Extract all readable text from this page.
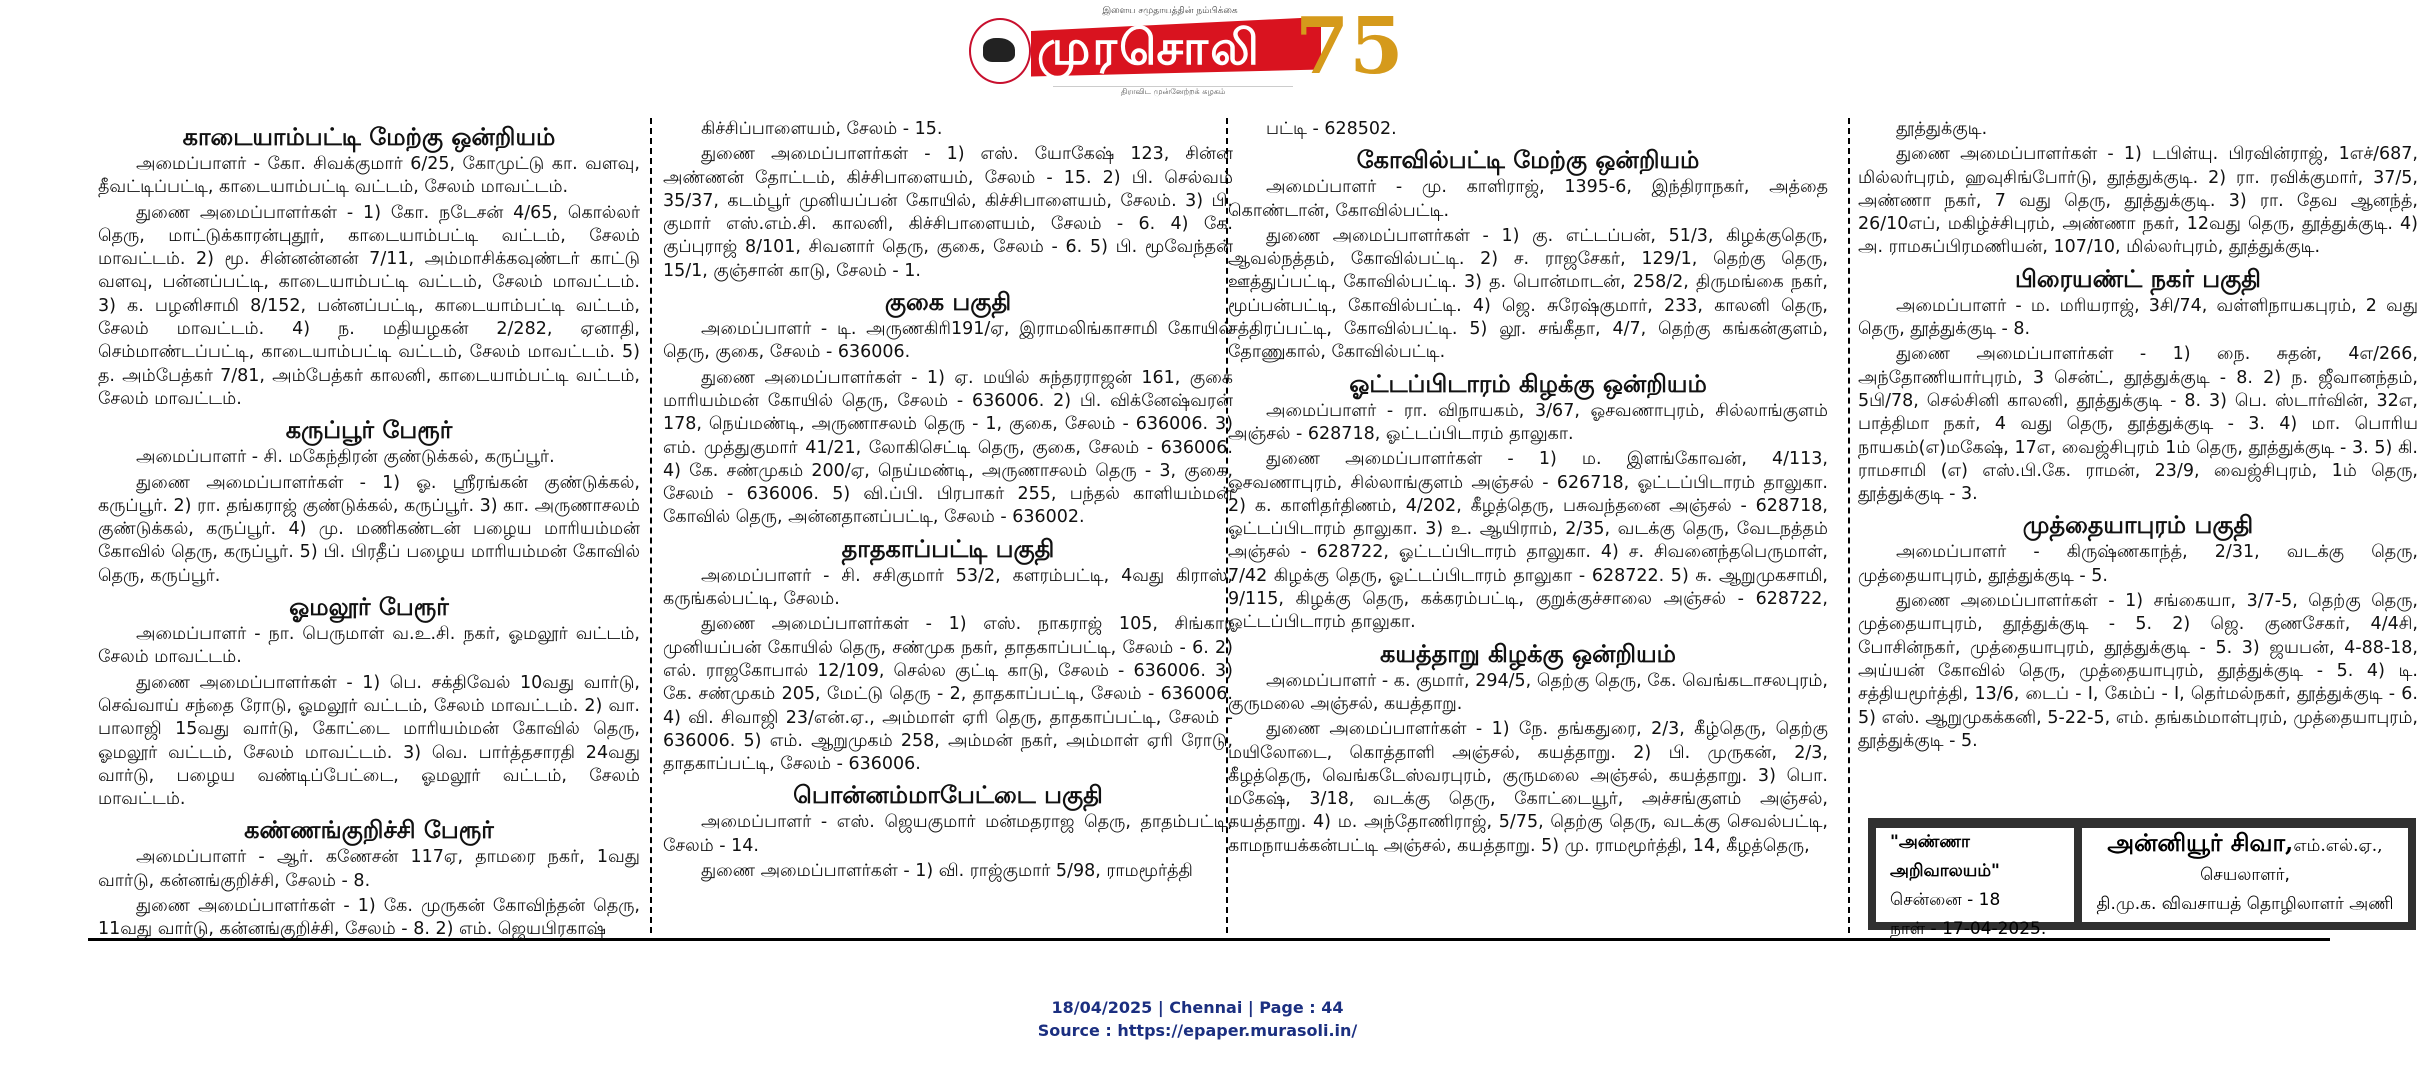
இளைய சமுதாயத்தின் நம்பிக்கை
முரசொலி 75
திராவிட முன்னேற்றக் கழகம்
காடையாம்பட்டி மேற்கு ஒன்றியம்

அமைப்பாளர் - கோ. சிவக்குமார் 6/25, கோமுட்டு கா. வளவு, தீவட்டிப்பட்டி, காடையாம்பட்டி வட்டம், சேலம் மாவட்டம்.

துணை அமைப்பாளர்கள் - 1) கோ. நடேசன் 4/65, கொல்லர் தெரு, மாட்டுக்காரன்புதூர், காடையாம்பட்டி வட்டம், சேலம் மாவட்டம். 2) மூ. சின்னன்னன் 7/11, அம்மாசிக்கவுண்டர் காட்டு வளவு, பன்னப்பட்டி, காடையாம்பட்டி வட்டம், சேலம் மாவட்டம். 3) க. பழனிசாமி 8/152, பன்னப்பட்டி, காடையாம்பட்டி வட்டம், சேலம் மாவட்டம். 4) ந. மதியழகன் 2/282, ஏனாதி, செம்மாண்டப்பட்டி, காடையாம்பட்டி வட்டம், சேலம் மாவட்டம். 5) த. அம்பேத்கர் 7/81, அம்பேத்கர் காலனி, காடையாம்பட்டி வட்டம், சேலம் மாவட்டம்.

கருப்பூர் பேரூர்

அமைப்பாளர் - சி. மகேந்திரன் குண்டுக்கல், கருப்பூர்.

துணை அமைப்பாளர்கள் - 1) ஓ. ஸ்ரீரங்கன் குண்டுக்கல், கருப்பூர். 2) ரா. தங்கராஜ் குண்டுக்கல், கருப்பூர். 3) கா. அருணாசலம் குண்டுக்கல், கருப்பூர். 4) மு. மணிகண்டன் பழைய மாரியம்மன் கோவில் தெரு, கருப்பூர். 5) பி. பிரதீப் பழைய மாரியம்மன் கோவில் தெரு, கருப்பூர்.

ஓமலூர் பேரூர்

அமைப்பாளர் - நா. பெருமாள் வ.உ.சி. நகர், ஓமலூர் வட்டம், சேலம் மாவட்டம்.

துணை அமைப்பாளர்கள் - 1) பெ. சக்திவேல் 10வது வார்டு, செவ்வாய் சந்தை ரோடு, ஓமலூர் வட்டம், சேலம் மாவட்டம். 2) வா. பாலாஜி 15வது வார்டு, கோட்டை மாரியம்மன் கோவில் தெரு, ஓமலூர் வட்டம், சேலம் மாவட்டம். 3) வெ. பார்த்தசாரதி 24வது வார்டு, பழைய வண்டிப்பேட்டை, ஓமலூர் வட்டம், சேலம் மாவட்டம்.

கண்ணங்குறிச்சி பேரூர்

அமைப்பாளர் - ஆர். கணேசன் 117ஏ, தாமரை நகர், 1வது வார்டு, கன்னங்குறிச்சி, சேலம் - 8.

துணை அமைப்பாளர்கள் - 1) கே. முருகன் கோவிந்தன் தெரு, 11வது வார்டு, கன்னங்குறிச்சி, சேலம் - 8. 2) எம். ஜெயபிரகாஷ்

கிச்சிப்பாளையம், சேலம் - 15.

துணை அமைப்பாளர்கள் - 1) எஸ். யோகேஷ் 123, சின்ன அண்ணன் தோட்டம், கிச்சிபாளையம், சேலம் - 15. 2) பி. செல்வம் 35/37, கடம்பூர் முனியப்பன் கோயில், கிச்சிபாளையம், சேலம். 3) பி. குமார் எஸ்.எம்.சி. காலனி, கிச்சிபாளையம், சேலம் - 6. 4) கே. குப்புராஜ் 8/101, சிவனார் தெரு, குகை, சேலம் - 6. 5) பி. மூவேந்தன் 15/1, குஞ்சான் காடு, சேலம் - 1.

குகை பகுதி

அமைப்பாளர் - டி. அருணகிரி191/ஏ, இராமலிங்காசாமி கோயில் தெரு, குகை, சேலம் - 636006.

துணை அமைப்பாளர்கள் - 1) ஏ. மயில் சுந்தரராஜன் 161, குகை மாரியம்மன் கோயில் தெரு, சேலம் - 636006. 2) பி. விக்னேஷ்வரன் 178, நெய்மண்டி, அருணாசலம் தெரு - 1, குகை, சேலம் - 636006. 3) எம். முத்துகுமார் 41/21, லோகிசெட்டி தெரு, குகை, சேலம் - 636006. 4) கே. சண்முகம் 200/ஏ, நெய்மண்டி, அருணாசலம் தெரு - 3, குகை, சேலம் - 636006. 5) வி.ப்பி. பிரபாகர் 255, பந்தல் காளியம்மன் கோவில் தெரு, அன்னதானப்பட்டி, சேலம் - 636002.

தாதகாப்பட்டி பகுதி

அமைப்பாளர் - சி. சசிகுமார் 53/2, களரம்பட்டி, 4வது கிராஸ், கருங்கல்பட்டி, சேலம்.

துணை அமைப்பாளர்கள் - 1) எஸ். நாகராஜ் 105, சிங்கார முனியப்பன் கோயில் தெரு, சண்முக நகர், தாதகாப்பட்டி, சேலம் - 6. 2) எல். ராஜகோபால் 12/109, செல்ல குட்டி காடு, சேலம் - 636006. 3) கே. சண்முகம் 205, மேட்டு தெரு - 2, தாதகாப்பட்டி, சேலம் - 636006. 4) வி. சிவாஜி 23/என்.ஏ., அம்மாள் ஏரி தெரு, தாதகாப்பட்டி, சேலம் - 636006. 5) எம். ஆறுமுகம் 258, அம்மன் நகர், அம்மாள் ஏரி ரோடு, தாதகாப்பட்டி, சேலம் - 636006.

பொன்னம்மாபேட்டை பகுதி

அமைப்பாளர் - எஸ். ஜெயகுமார் மன்மதராஜ தெரு, தாதம்பட்டி, சேலம் - 14.

துணை அமைப்பாளர்கள் - 1) வி. ராஜ்குமார் 5/98, ராமமூர்த்தி

பட்டி - 628502.

கோவில்பட்டி மேற்கு ஒன்றியம்

அமைப்பாளர் - மு. காளிராஜ், 1395-6, இந்திராநகர், அத்தை கொண்டான், கோவில்பட்டி.

துணை அமைப்பாளர்கள் - 1) கு. எட்டப்பன், 51/3, கிழக்குதெரு, ஆவல்நத்தம், கோவில்பட்டி. 2) ச. ராஜசேகர், 129/1, தெற்கு தெரு, ஊத்துப்பட்டி, கோவில்பட்டி. 3) த. பொன்மாடன், 258/2, திருமங்கை நகர், மூப்பன்பட்டி, கோவில்பட்டி. 4) ஜெ. சுரேஷ்குமார், 233, காலனி தெரு, சத்திரப்பட்டி, கோவில்பட்டி. 5) லூ. சங்கீதா, 4/7, தெற்கு கங்கன்குளம், தோணுகால், கோவில்பட்டி.

ஓட்டப்பிடாரம் கிழக்கு ஒன்றியம்

அமைப்பாளர் - ரா. விநாயகம், 3/67, ஓசவணாபுரம், சில்லாங்குளம் அஞ்சல் - 628718, ஓட்டப்பிடாரம் தாலுகா.

துணை அமைப்பாளர்கள் - 1) ம. இளங்கோவன், 4/113, ஓசவணாபுரம், சில்லாங்குளம் அஞ்சல் - 626718, ஓட்டப்பிடாரம் தாலுகா. 2) க. காளிதர்திணம், 4/202, கீழத்தெரு, பசுவந்தனை அஞ்சல் - 628718, ஓட்டப்பிடாரம் தாலுகா. 3) உ. ஆயிராம், 2/35, வடக்கு தெரு, வேடநத்தம் அஞ்சல் - 628722, ஓட்டப்பிடாரம் தாலுகா. 4) ச. சிவனைந்தபெருமாள், 7/42 கிழக்கு தெரு, ஓட்டப்பிடாரம் தாலுகா - 628722. 5) சு. ஆறுமுகசாமி, 9/115, கிழக்கு தெரு, கக்கரம்பட்டி, குறுக்குச்சாலை அஞ்சல் - 628722, ஓட்டப்பிடாரம் தாலுகா.

கயத்தாறு கிழக்கு ஒன்றியம்

அமைப்பாளர் - க. குமார், 294/5, தெற்கு தெரு, கே. வெங்கடாசலபுரம், குருமலை அஞ்சல், கயத்தாறு.

துணை அமைப்பாளர்கள் - 1) நே. தங்கதுரை, 2/3, கீழ்தெரு, தெற்கு மயிலோடை, கொத்தாளி அஞ்சல், கயத்தாறு. 2) பி. முருகன், 2/3, கீழத்தெரு, வெங்கடேஸ்வரபுரம், குருமலை அஞ்சல், கயத்தாறு. 3) பொ. மகேஷ், 3/18, வடக்கு தெரு, கோட்டையூர், அச்சங்குளம் அஞ்சல், கயத்தாறு. 4) ம. அந்தோணிராஜ், 5/75, தெற்கு தெரு, வடக்கு செவல்பட்டி, காமநாயக்கன்பட்டி அஞ்சல், கயத்தாறு. 5) மு. ராமமூர்த்தி, 14, கீழத்தெரு,

தூத்துக்குடி.

துணை அமைப்பாளர்கள் - 1) டபிள்யு. பிரவின்ராஜ், 1எச்/687, மில்லர்புரம், ஹவுசிங்போர்டு, தூத்துக்குடி. 2) ரா. ரவிக்குமார், 37/5, அண்ணா நகர், 7 வது தெரு, தூத்துக்குடி. 3) ரா. தேவ ஆனந்த், 26/10எப், மகிழ்ச்சிபுரம், அண்ணா நகர், 12வது தெரு, தூத்துக்குடி. 4) அ. ராமசுப்பிரமணியன், 107/10, மில்லர்புரம், தூத்துக்குடி.

பிரையண்ட் நகர் பகுதி

அமைப்பாளர் - ம. மரியராஜ், 3சி/74, வள்ளிநாயகபுரம், 2 வது தெரு, தூத்துக்குடி - 8.

துணை அமைப்பாளர்கள் - 1) நை. சுதன், 4எ/266, அந்தோணியார்புரம், 3 சென்ட், தூத்துக்குடி - 8. 2) ந. ஜீவானந்தம், 5பி/78, செல்சினி காலனி, தூத்துக்குடி - 8. 3) பெ. ஸ்டார்வின், 32எ, பாத்திமா நகர், 4 வது தெரு, தூத்துக்குடி - 3. 4) மா. பொரிய நாயகம்(எ)மகேஷ், 17எ, வைஜ்சிபுரம் 1ம் தெரு, தூத்துக்குடி - 3. 5) கி. ராமசாமி (எ) எஸ்.பி.கே. ராமன், 23/9, வைஜ்சிபுரம், 1ம் தெரு, தூத்துக்குடி - 3.

முத்தையாபுரம் பகுதி

அமைப்பாளர் - கிருஷ்ணகாந்த், 2/31, வடக்கு தெரு, முத்தையாபுரம், தூத்துக்குடி - 5.

துணை அமைப்பாளர்கள் - 1) சங்கையா, 3/7-5, தெற்கு தெரு, முத்தையாபுரம், தூத்துக்குடி - 5. 2) ஜெ. குணசேகர், 4/4சி, போசின்நகர், முத்தையாபுரம், தூத்துக்குடி - 5. 3) ஜயபன், 4-88-18, அய்யன் கோவில் தெரு, முத்தையாபுரம், தூத்துக்குடி - 5. 4) டி. சத்தியமூர்த்தி, 13/6, டைப் - I, கேம்ப் - I, தெர்மல்நகர், தூத்துக்குடி - 6. 5) எஸ். ஆறுமுகக்கனி, 5-22-5, எம். தங்கம்மாள்புரம், முத்தையாபுரம், தூத்துக்குடி - 5.

"அண்ணா அறிவாலயம்"
சென்னை - 18
நாள் - 17-04-2025.
அன்னியூர் சிவா,எம்.எல்.ஏ.,
செயலாளர்,
தி.மு.க. விவசாயத் தொழிலாளர் அணி
18/04/2025 | Chennai | Page : 44
Source : https://epaper.murasoli.in/
